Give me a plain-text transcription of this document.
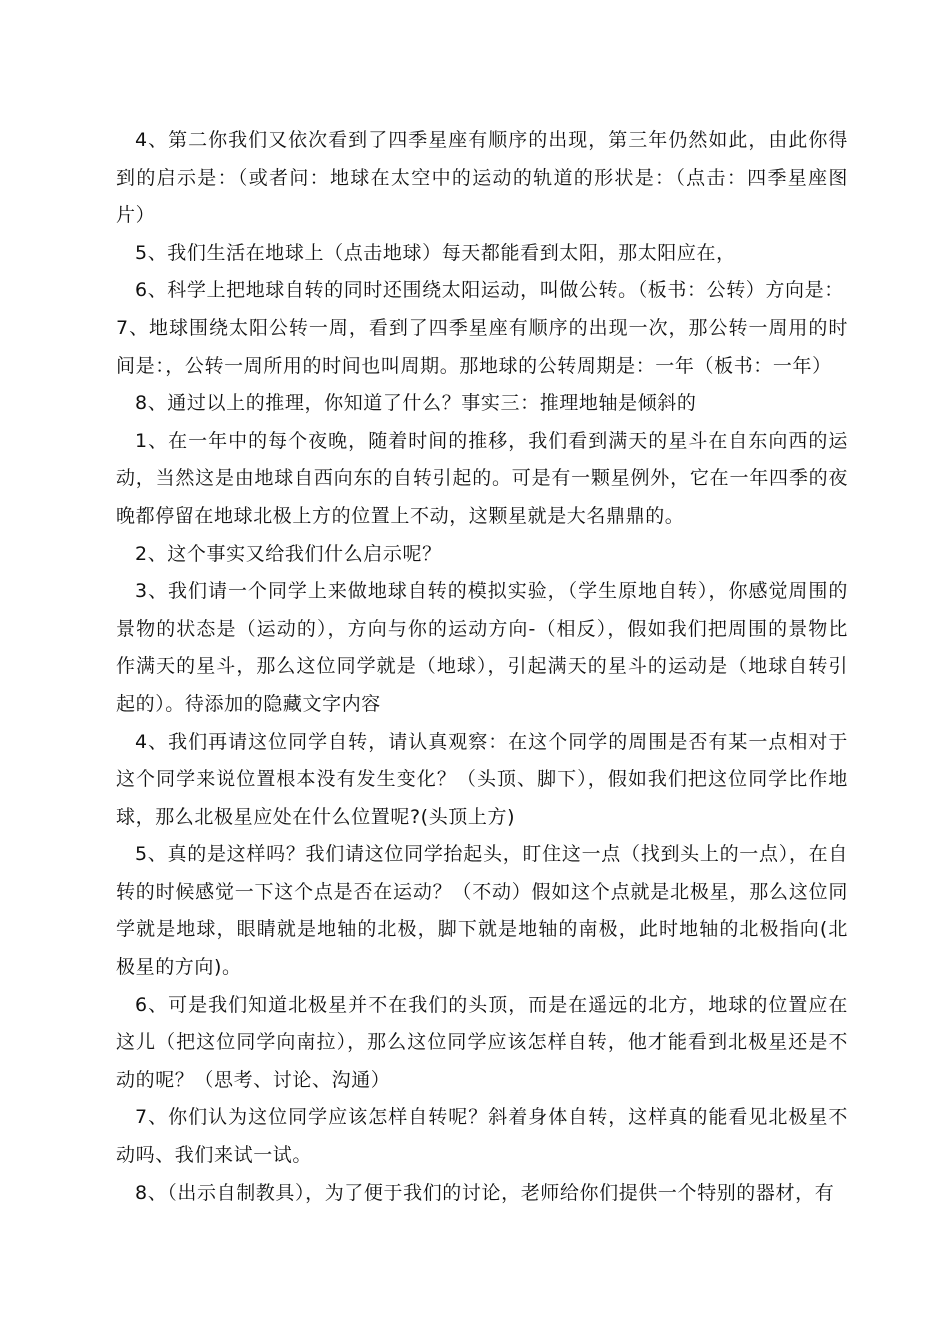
4、第二你我们又依次看到了四季星座有顺序的出现，第三年仍然如此，由此你得到的启示是：（或者问：地球在太空中的运动的轨道的形状是：（点击：四季星座图片）

5、我们生活在地球上（点击地球）每天都能看到太阳，那太阳应在，

6、科学上把地球自转的同时还围绕太阳运动，叫做公转。（板书：公转）方向是：

7、地球围绕太阳公转一周，看到了四季星座有顺序的出现一次，那公转一周用的时间是：，公转一周所用的时间也叫周期。那地球的公转周期是：一年（板书：一年）

8、通过以上的推理，你知道了什么？事实三：推理地轴是倾斜的

1、在一年中的每个夜晚，随着时间的推移，我们看到满天的星斗在自东向西的运动，当然这是由地球自西向东的自转引起的。可是有一颗星例外，它在一年四季的夜晚都停留在地球北极上方的位置上不动，这颗星就是大名鼎鼎的。

2、这个事实又给我们什么启示呢？

3、我们请一个同学上来做地球自转的模拟实验，（学生原地自转），你感觉周围的景物的状态是（运动的），方向与你的运动方向-（相反），假如我们把周围的景物比作满天的星斗，那么这位同学就是（地球），引起满天的星斗的运动是（地球自转引起的）。待添加的隐藏文字内容

4、我们再请这位同学自转，请认真观察：在这个同学的周围是否有某一点相对于这个同学来说位置根本没有发生变化？（头顶、脚下），假如我们把这位同学比作地球，那么北极星应处在什么位置呢?(头顶上方)

5、真的是这样吗？我们请这位同学抬起头，盯住这一点（找到头上的一点），在自转的时候感觉一下这个点是否在运动？（不动）假如这个点就是北极星，那么这位同学就是地球，眼睛就是地轴的北极，脚下就是地轴的南极，此时地轴的北极指向(北极星的方向)。

6、可是我们知道北极星并不在我们的头顶，而是在遥远的北方，地球的位置应在这儿（把这位同学向南拉），那么这位同学应该怎样自转，他才能看到北极星还是不动的呢？（思考、讨论、沟通）

7、你们认为这位同学应该怎样自转呢？斜着身体自转，这样真的能看见北极星不动吗、我们来试一试。

8、（出示自制教具），为了便于我们的讨论，老师给你们提供一个特别的器材，有
